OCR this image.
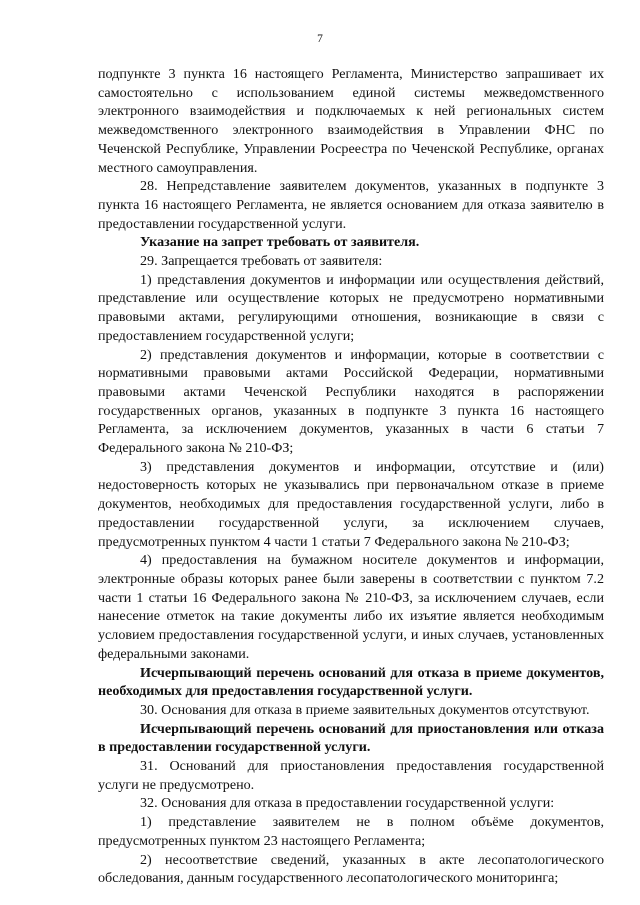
7

подпункте 3 пункта 16 настоящего Регламента, Министерство запрашивает их самостоятельно с использованием единой системы межведомственного электронного взаимодействия и подключаемых к ней региональных систем межведомственного электронного взаимодействия в Управлении ФНС по Чеченской Республике, Управлении Росреестра по Чеченской Республике, органах местного самоуправления.

28. Непредставление заявителем документов, указанных в подпункте 3 пункта 16 настоящего Регламента, не является основанием для отказа заявителю в предоставлении государственной услуги.

Указание на запрет требовать от заявителя.

29. Запрещается требовать от заявителя:

1) представления документов и информации или осуществления действий, представление или осуществление которых не предусмотрено нормативными правовыми актами, регулирующими отношения, возникающие в связи с предоставлением государственной услуги;

2) представления документов и информации, которые в соответствии с нормативными правовыми актами Российской Федерации, нормативными правовыми актами Чеченской Республики находятся в распоряжении государственных органов, указанных в подпункте 3 пункта 16 настоящего Регламента, за исключением документов, указанных в части 6 статьи 7 Федерального закона № 210-ФЗ;

3) представления документов и информации, отсутствие и (или) недостоверность которых не указывались при первоначальном отказе в приеме документов, необходимых для предоставления государственной услуги, либо в предоставлении государственной услуги, за исключением случаев, предусмотренных пунктом 4 части 1 статьи 7 Федерального закона № 210-ФЗ;

4) предоставления на бумажном носителе документов и информации, электронные образы которых ранее были заверены в соответствии с пунктом 7.2 части 1 статьи 16 Федерального закона № 210-ФЗ, за исключением случаев, если нанесение отметок на такие документы либо их изъятие является необходимым условием предоставления государственной услуги, и иных случаев, установленных федеральными законами.

Исчерпывающий перечень оснований для отказа в приеме документов, необходимых для предоставления государственной услуги.

30. Основания для отказа в приеме заявительных документов отсутствуют.

Исчерпывающий перечень оснований для приостановления или отказа в предоставлении государственной услуги.

31. Оснований для приостановления предоставления государственной услуги не предусмотрено.

32. Основания для отказа в предоставлении государственной услуги:

1) представление заявителем не в полном объёме документов, предусмотренных пунктом 23 настоящего Регламента;

2) несоответствие сведений, указанных в акте лесопатологического обследования, данным государственного лесопатологического мониторинга;
